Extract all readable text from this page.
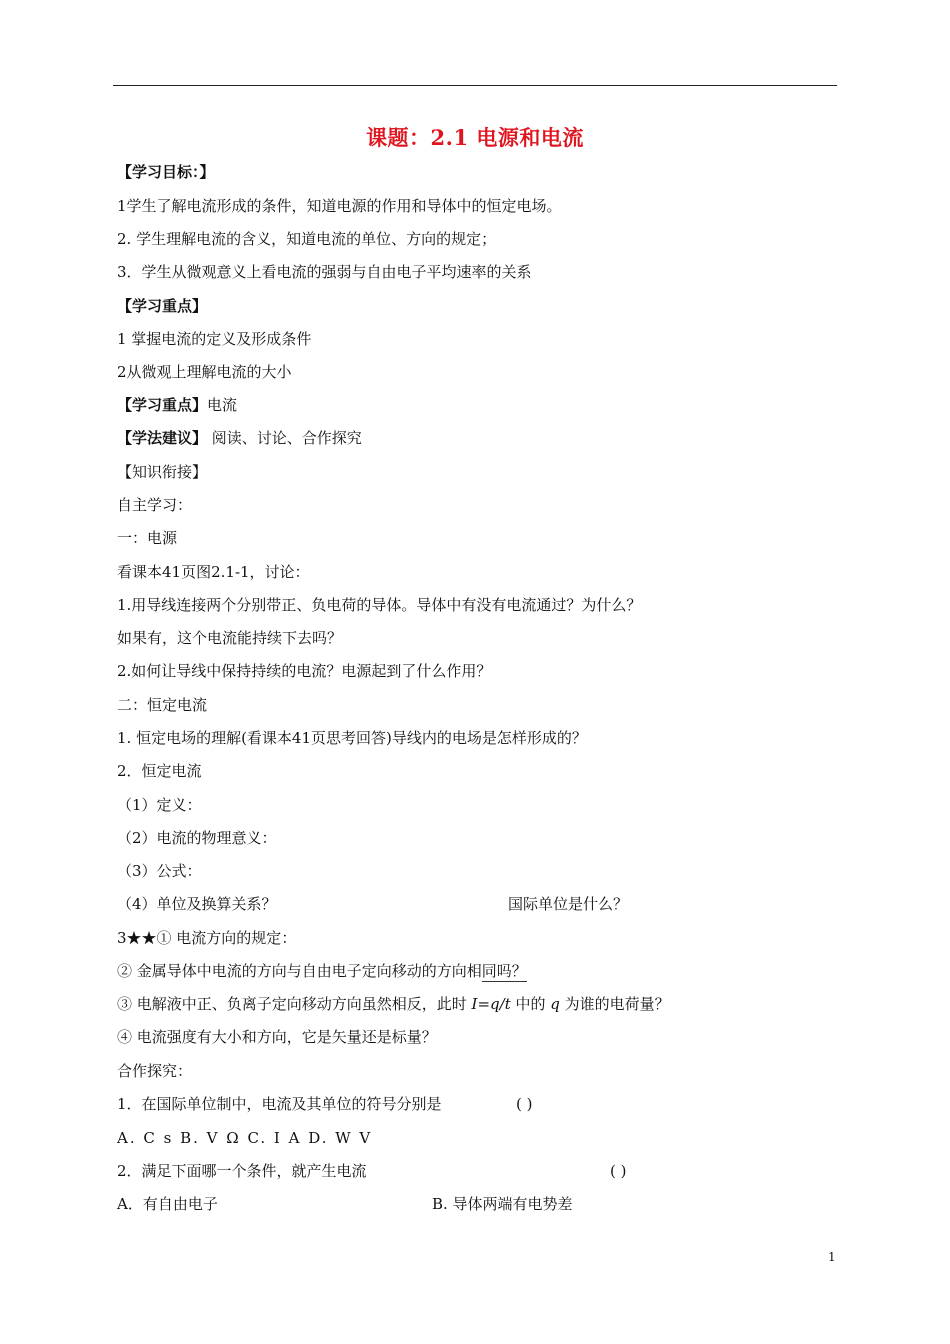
课题：2.1 电源和电流
【学习目标：】
1学生了解电流形成的条件，知道电源的作用和导体中的恒定电场。
2. 学生理解电流的含义，知道电流的单位、方向的规定；
3．学生从微观意义上看电流的强弱与自由电子平均速率的关系
【学习重点】
1 掌握电流的定义及形成条件
2从微观上理解电流的大小
【学习重点】电流
【学法建议】 阅读、讨论、合作探究
【知识衔接】
自主学习：
一：电源
看课本41页图2.1-1，讨论：
1.用导线连接两个分别带正、负电荷的导体。导体中有没有电流通过？为什么？
如果有，这个电流能持续下去吗？
2.如何让导线中保持持续的电流？电源起到了什么作用？
二：恒定电流
1. 恒定电场的理解(看课本41页思考回答)导线内的电场是怎样形成的？
2．恒定电流
（1）定义：
（2）电流的物理意义：
（3）公式：
（4）单位及换算关系？	国际单位是什么？
3★★① 电流方向的规定：
② 金属导体中电流的方向与自由电子定向移动的方向相同吗？
③ 电解液中正、负离子定向移动方向虽然相反，此时 I=q/t 中的 q 为谁的电荷量？
④ 电流强度有大小和方向，它是矢量还是标量？
合作探究：
1．在国际单位制中，电流及其单位的符号分别是	( )
A. C s B. V Ω C. I A D. W V
2．满足下面哪一个条件，就产生电流	( )
A．有自由电子	B. 导体两端有电势差
1
